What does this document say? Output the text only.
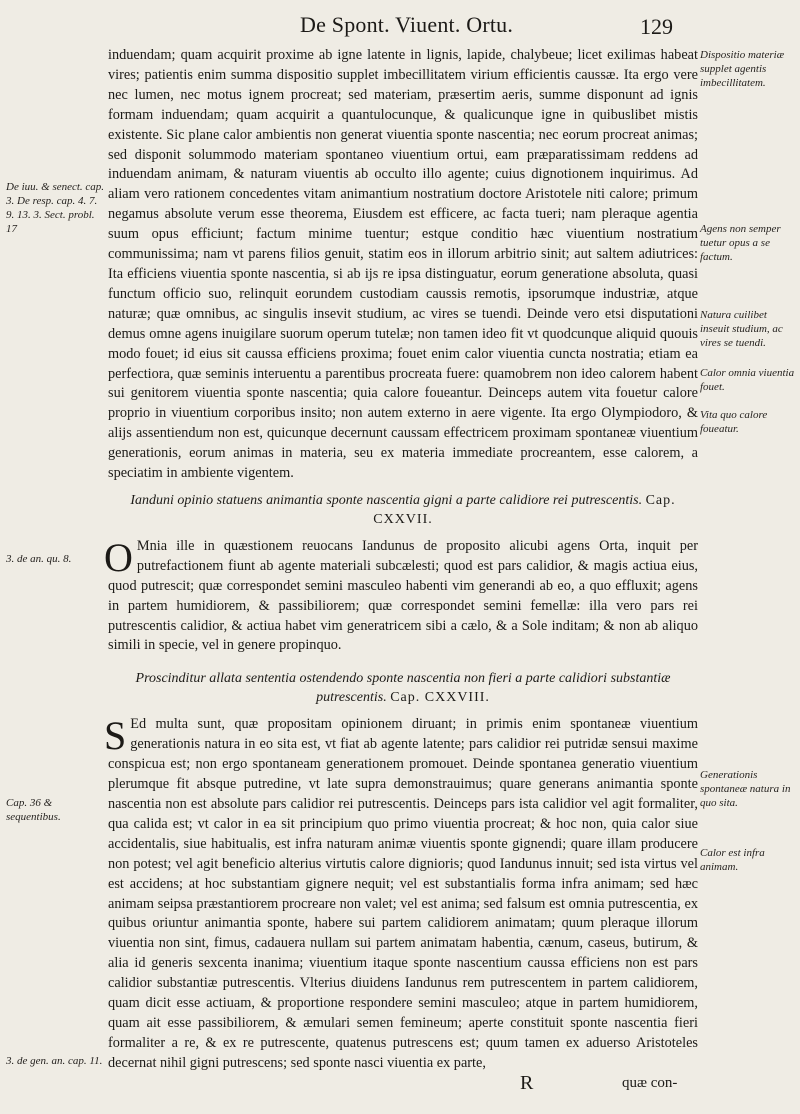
De Spont. Viuent. Ortu.	129

induendam; quam acquirit proxime ab igne latente in lignis, lapide, chalybeue; licet exilimas habeat vires; patientis enim summa dispositio supplet imbecillitatem virium efficientis caussæ. Ita ergo vere nec lumen, nec motus ignem procreat; sed materiam, præsertim aeris, summe disponunt ad ignis formam induendam; quam acquirit a quantulocunque, & qualicunque igne in quibuslibet mistis existente. Sic plane calor ambientis non generat viuentia sponte nascentia; nec eorum procreat animas; sed disponit solummodo materiam spontaneo viuentium ortui, eam præparatissimam reddens ad induendam animam, & naturam viuentis ab occulto illo agente; cuius dignotionem inquirimus. Ad aliam vero rationem concedentes vitam animantium nostratium doctore Aristotele niti calore; primum negamus absolute verum esse theorema, Eiusdem est efficere, ac facta tueri; nam pleraque agentia suum opus efficiunt; factum minime tuentur; estque conditio hæc viuentium nostratium communissima; nam vt parens filios genuit, statim eos in illorum arbitrio sinit; aut saltem adiutrices: Ita efficiens viuentia sponte nascentia, si ab ijs re ipsa distinguatur, eorum generatione absoluta, quasi functum officio suo, relinquit eorundem custodiam caussis remotis, ipsorumque industriæ, atque naturæ; quæ omnibus, ac singulis insevit studium, ac vires se tuendi. Deinde vero etsi disputationi demus omne agens inuigilare suorum operum tutelæ; non tamen ideo fit vt quodcunque aliquid quouis modo fouet; id eius sit caussa efficiens proxima; fouet enim calor viuentia cuncta nostratia; etiam ea perfectiora, quæ seminis interuentu a parentibus procreata fuere: quamobrem non ideo calorem habent sui genitorem viuentia sponte nascentia; quia calore foueantur. Deinceps autem vita fouetur calore proprio in viuentium corporibus insito; non autem externo in aere vigente. Ita ergo Olympiodoro, & alijs assentiendum non est, quicunque decernunt caussam effectricem proximam spontaneæ viuentium generationis, eorum animas in materia, seu ex materia immediate procreantem, esse calorem, a speciatim in ambiente vigentem.

Ianduni opinio statuens animantia sponte nascentia gigni a parte calidiore rei putrescentis. Cap. CXXVII.

O Mnia ille in quæstionem reuocans Iandunus de proposito alicubi agens Orta, inquit per putrefactionem fiunt ab agente materiali subcælesti; quod est pars calidior, & magis actiua eius, quod putrescit; quæ correspondet semini masculeo habenti vim generandi ab eo, a quo effluxit; agens in partem humidiorem, & passibiliorem; quæ correspondet semini femellæ: illa vero pars rei putrescentis calidior, & actiua habet vim generatricem sibi a cælo, & a Sole inditam; & non ab aliquo simili in specie, vel in genere propinquo.

Proscinditur allata sententia ostendendo sponte nascentia non fieri a parte calidiori substantiæ putrescentis. Cap. CXXVIII.

S Ed multa sunt, quæ propositam opinionem diruant; in primis enim spontaneæ viuentium generationis natura in eo sita est, vt fiat ab agente latente; pars calidior rei putridæ sensui maxime conspicua est; non ergo spontaneam generationem promouet. Deinde spontanea generatio viuentium plerumque fit absque putredine, vt late supra demonstrauimus; quare generans animantia sponte nascentia non est absolute pars calidior rei putrescentis. Deinceps pars ista calidior vel agit formaliter, qua calida est; vt calor in ea sit principium quo primo viuentia procreat; & hoc non, quia calor siue accidentalis, siue habitualis, est infra naturam animæ viuentis sponte gignendi; quare illam producere non potest; vel agit beneficio alterius virtutis calore dignioris; quod Iandunus innuit; sed ista virtus vel est accidens; at hoc substantiam gignere nequit; vel est substantialis forma infra animam; sed hæc animam seipsa præstantiorem procreare non valet; vel est anima; sed falsum est omnia putrescentia, ex quibus oriuntur animantia sponte, habere sui partem calidiorem animatam; quum pleraque illorum viuentia non sint, fimus, cadauera nullam sui partem animatam habentia, cænum, caseus, butirum, & alia id generis sexcenta inanima; viuentium itaque sponte nascentium caussa efficiens non est pars calidior substantiæ putrescentis. Vlterius diuidens Iandunus rem putrescentem in partem calidiorem, quam dicit esse actiuam, & proportione respondere semini masculeo; atque in partem humidiorem, quam ait esse passibiliorem, & æmulari semen femineum; aperte constituit sponte nascentia fieri formaliter a re, & ex re putrescente, quatenus putrescens est; quum tamen ex aduerso Aristoteles decernat nihil gigni putrescens; sed sponte nasci viuentia ex parte,

Dispositio materiæ supplet agentis imbecillitatem.
Agens non semper tuetur opus a se factum.
Natura cuilibet inseuit studium, ac vires se tuendi.
Calor omnia viuentia fouet.
Vita quo calore foueatur.
Generationis spontaneæ natura in quo sita.
Calor est infra animam.
De iuu. & senect. cap. 3. De resp. cap. 4. 7. 9. 13. 3. Sect. probl. 17
3. de an. qu. 8.
Cap. 36 & sequentibus.
3. de gen. an. cap. 11.
R	quæ con-
